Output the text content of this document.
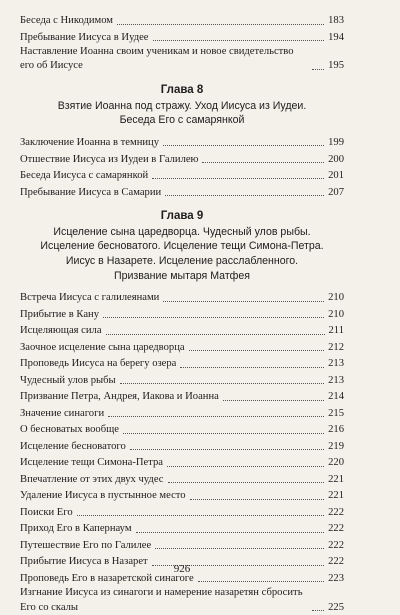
Беседа с Никодимом	183
Пребывание Иисуса в Иудее	194
Наставление Иоанна своим ученикам и новое свидетельство его об Иисусе	195
Глава 8
Взятие Иоанна под стражу. Уход Иисуса из Иудеи.
Беседа Его с самарянкой
Заключение Иоанна в темницу	199
Отшествие Иисуса из Иудеи в Галилею	200
Беседа Иисуса с самарянкой	201
Пребывание Иисуса в Самарии	207
Глава 9
Исцеление сына царедворца. Чудесный улов рыбы.
Исцеление бесноватого. Исцеление тещи Симона-Петра.
Иисус в Назарете. Исцеление расслабленного.
Призвание мытаря Матфея
Встреча Иисуса с галилеянами	210
Прибытие в Кану	210
Исцеляющая сила	211
Заочное исцеление сына царедворца	212
Проповедь Иисуса на берегу озера	213
Чудесный улов рыбы	213
Призвание Петра, Андрея, Иакова и Иоанна	214
Значение синагоги	215
О бесноватых вообще	216
Исцеление бесноватого	219
Исцеление тещи Симона-Петра	220
Впечатление от этих двух чудес	221
Удаление Иисуса в пустынное место	221
Поиски Его	222
Приход Его в Капернаум	222
Путешествие Его по Галилее	222
Прибытие Иисуса в Назарет	222
Проповедь Его в назаретской синагоге	223
Изгнание Иисуса из синагоги и намерение назаретян сбросить Его со скалы	225
926
